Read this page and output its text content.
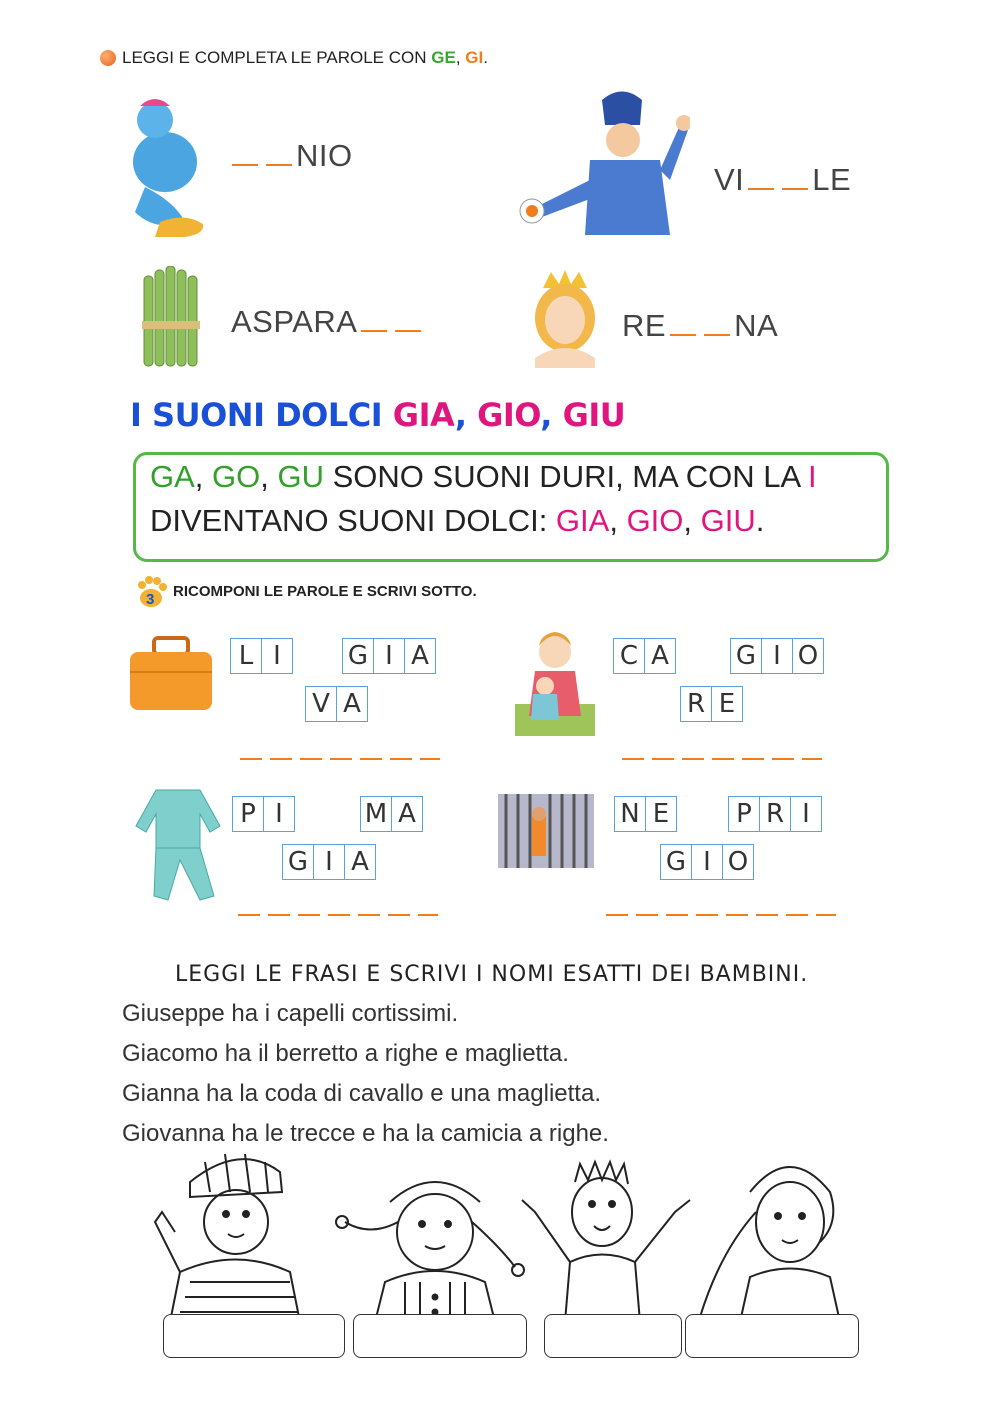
LEGGI E COMPLETA LE PAROLE CON GE, GI.
NIO
VI LE
ASPARA	RE NA
I SUONI DOLCI GIA, GIO, GIU
GA, GO, GU SONO SUONI DURI, MA CON LA I
DIVENTANO SUONI DOLCI: GIA, GIO, GIU.
3 RICOMPONI LE PAROLE E SCRIVI SOTTO.
L I	G I A
V A
C A	G I O
R E
P I	M A
G I A
N E	P R I
G I O
LEGGI LE FRASI E SCRIVI I NOMI ESATTI DEI BAMBINI.
Giuseppe ha i capelli cortissimi.
Giacomo ha il berretto a righe e maglietta.
Gianna ha la coda di cavallo e una maglietta.
Giovanna ha le trecce e ha la camicia a righe.
